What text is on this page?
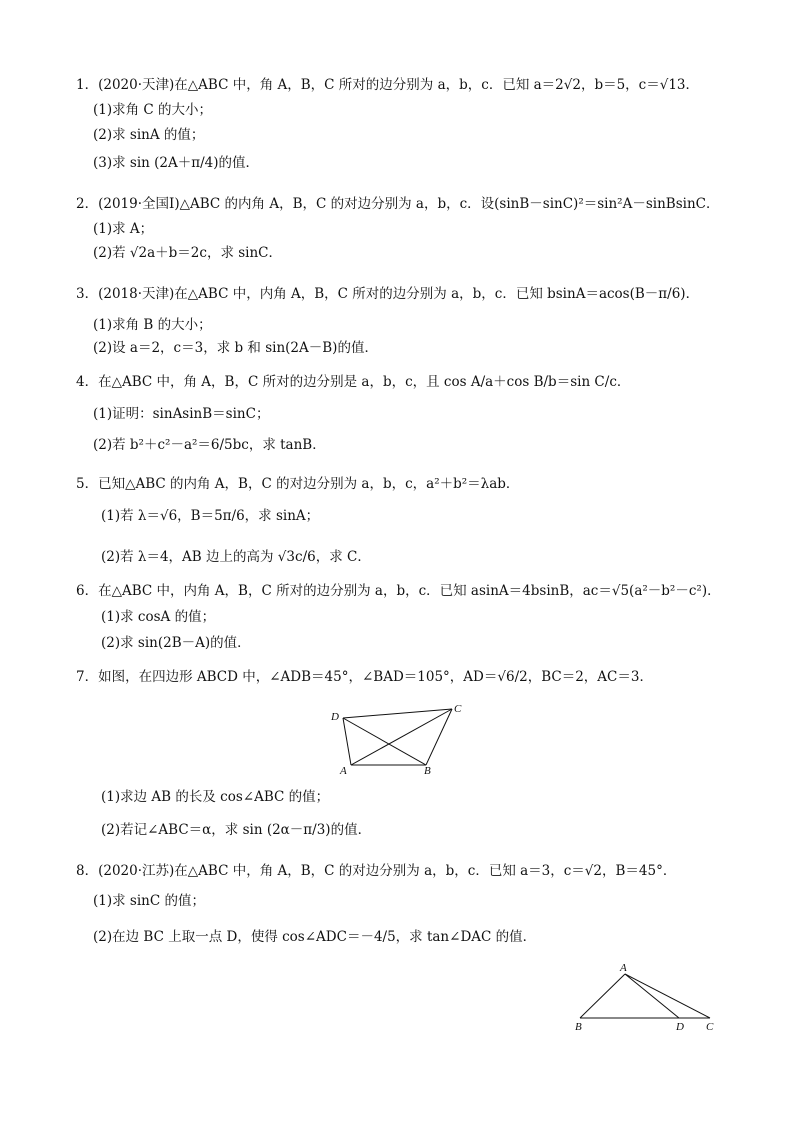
1．(2020·天津)在△ABC 中，角 A，B，C 所对的边分别为 a，b，c．已知 a＝2√2，b＝5，c＝√13．
(1)求角 C 的大小；
(2)求 sinA 的值；
(3)求 sin (2A＋π/4)的值．
2．(2019·全国Ⅰ)△ABC 的内角 A，B，C 的对边分别为 a，b，c．设(sinB－sinC)²＝sin²A－sinBsinC．
(1)求 A；
(2)若 √2a＋b＝2c，求 sinC．
3．(2018·天津)在△ABC 中，内角 A，B，C 所对的边分别为 a，b，c．已知 bsinA＝acos(B－π/6)．
(1)求角 B 的大小；
(2)设 a＝2，c＝3，求 b 和 sin(2A－B)的值．
4．在△ABC 中，角 A，B，C 所对的边分别是 a，b，c，且 cos A/a＋cos B/b＝sin C/c．
(1)证明：sinAsinB＝sinC；
(2)若 b²＋c²－a²＝6/5bc，求 tanB．
5．已知△ABC 的内角 A，B，C 的对边分别为 a，b，c，a²＋b²＝λab．
(1)若 λ＝√6，B＝5π/6，求 sinA；
(2)若 λ＝4，AB 边上的高为 √3c/6，求 C．
6．在△ABC 中，内角 A，B，C 所对的边分别为 a，b，c．已知 asinA＝4bsinB，ac＝√5(a²－b²－c²)．
(1)求 cosA 的值；
(2)求 sin(2B－A)的值．
7．如图，在四边形 ABCD 中，∠ADB＝45°，∠BAD＝105°，AD＝√6/2，BC＝2，AC＝3．
D
C
A	B
(1)求边 AB 的长及 cos∠ABC 的值；
(2)若记∠ABC＝α，求 sin (2α－π/3)的值．
8．(2020·江苏)在△ABC 中，角 A，B，C 的对边分别为 a，b，c．已知 a＝3，c＝√2，B＝45°．
(1)求 sinC 的值；
(2)在边 BC 上取一点 D，使得 cos∠ADC＝－4/5，求 tan∠DAC 的值．
A
B	D C
